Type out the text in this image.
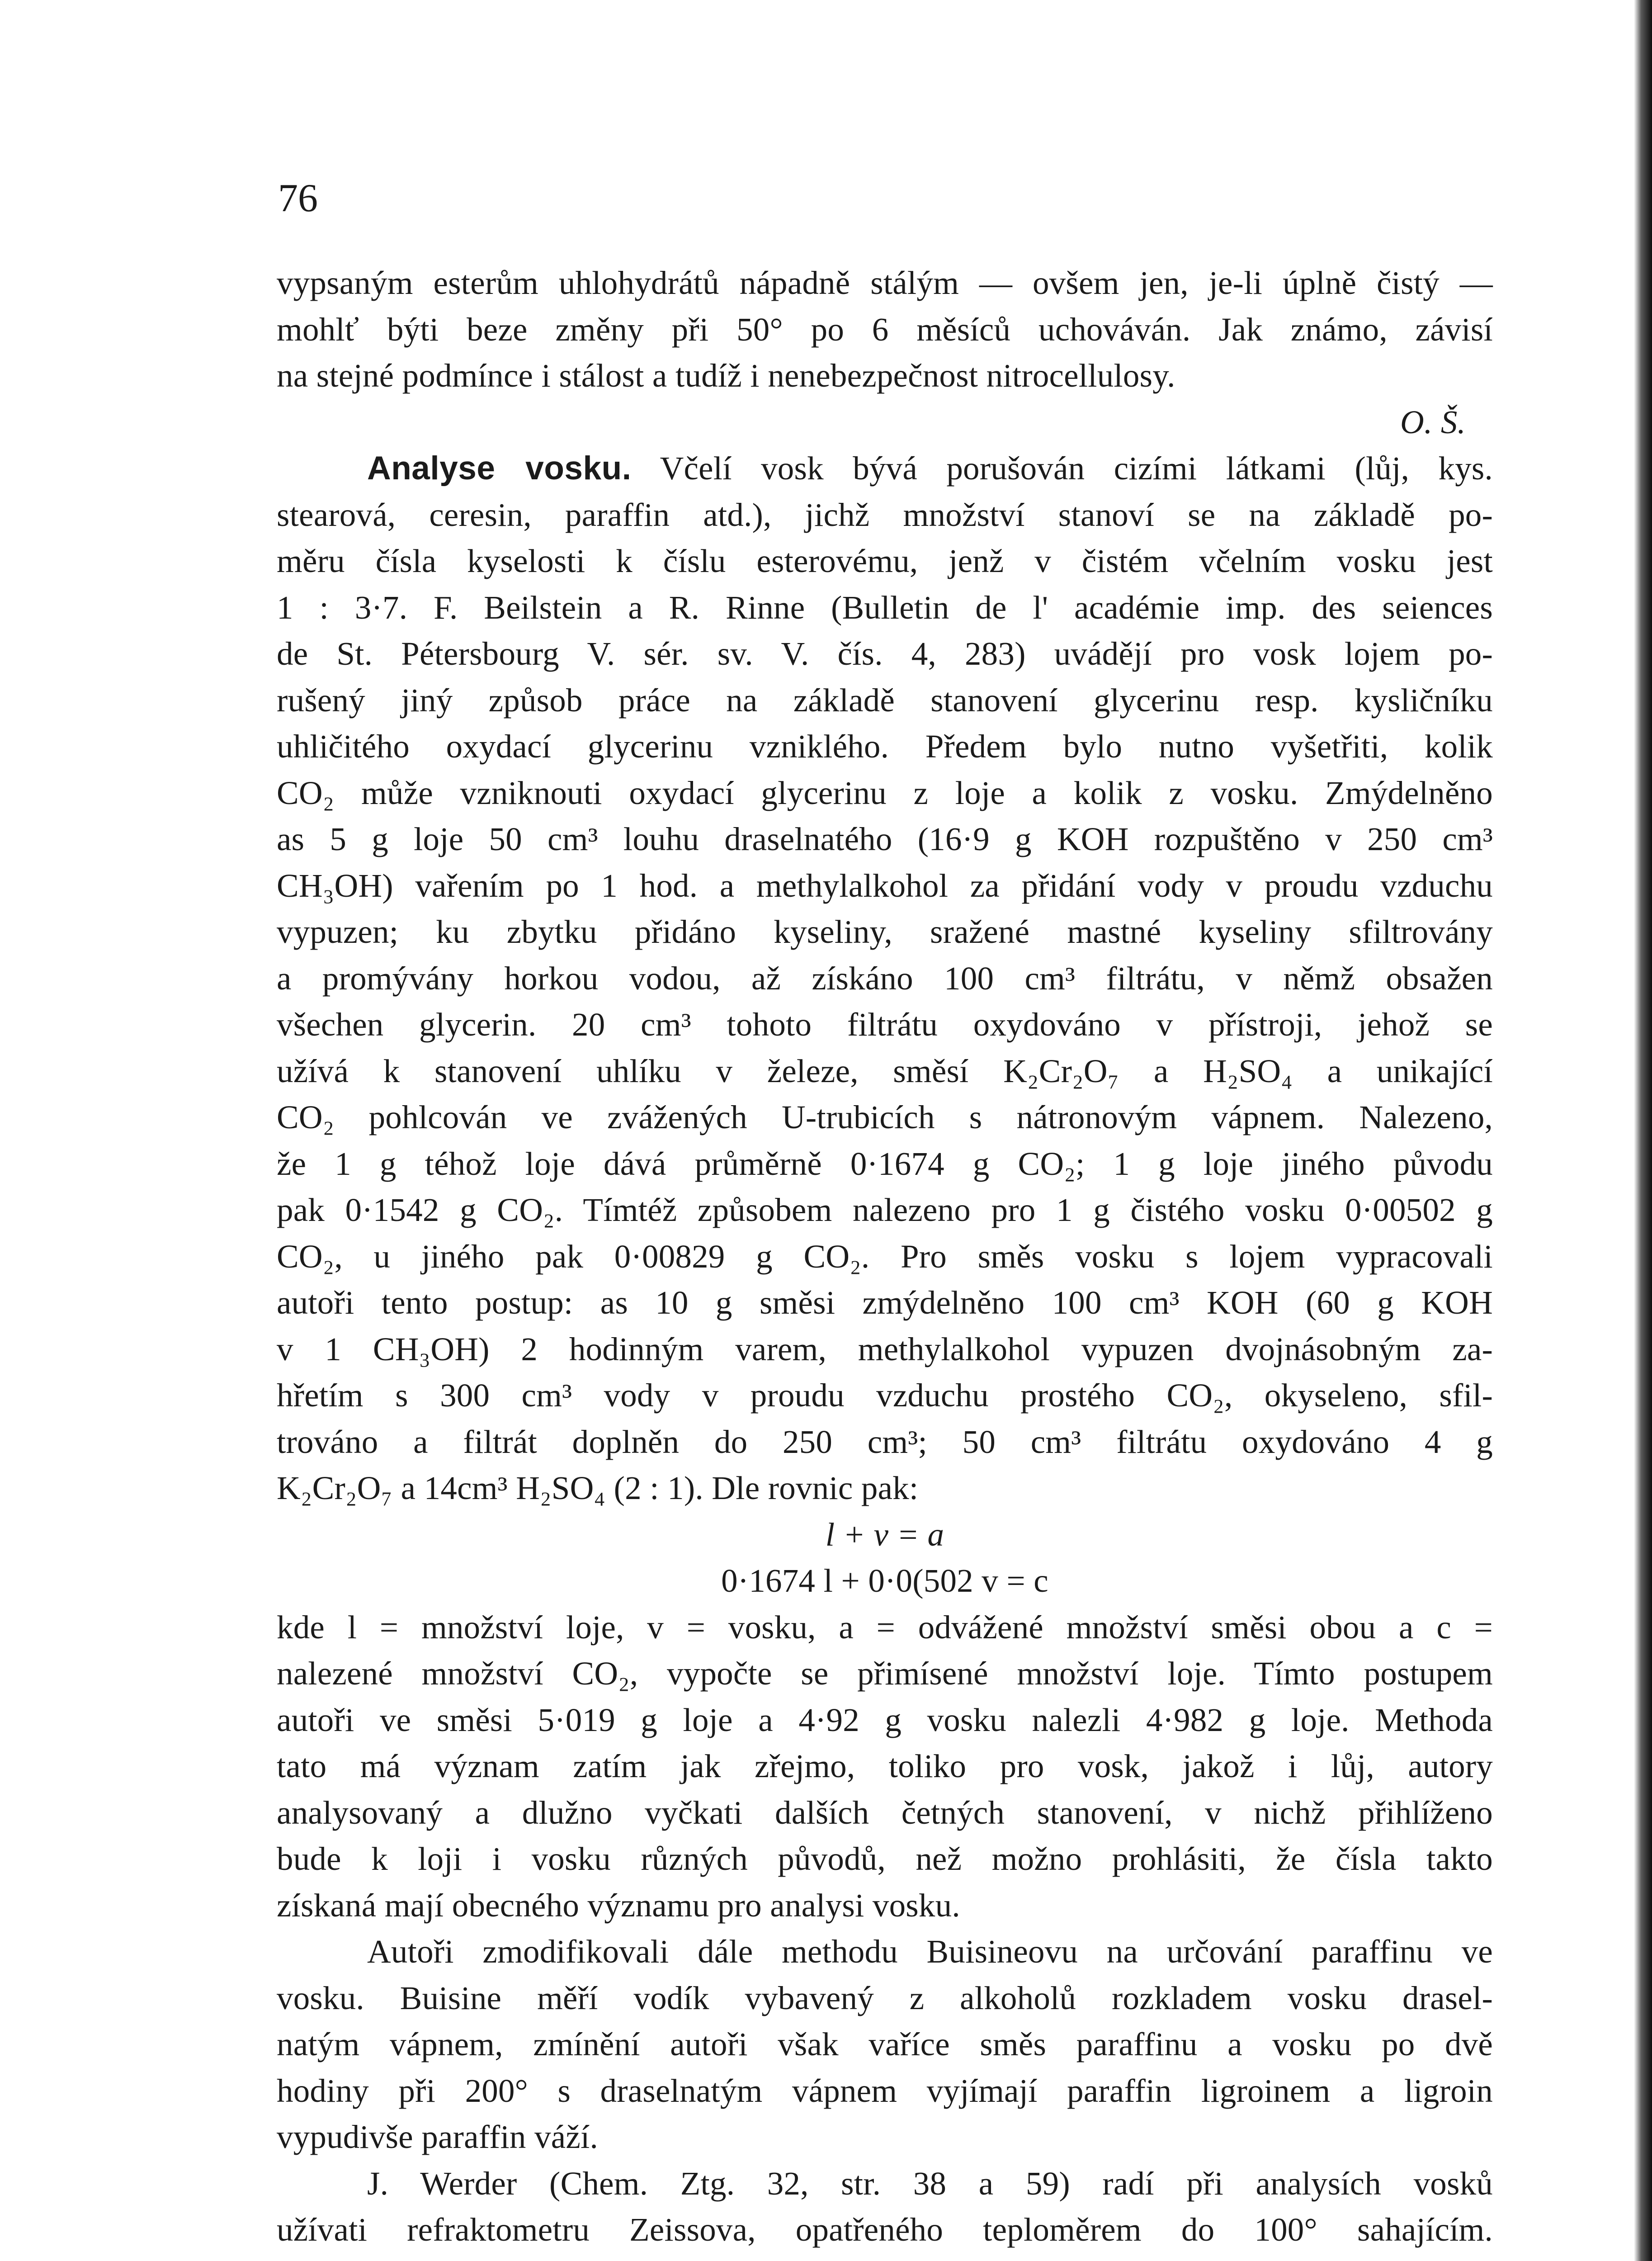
76
vypsaným esterům uhlohydrátů nápadně stálým — ovšem jen, je-li úplně čistý —
mohlť býti beze změny při 50° po 6 měsíců uchováván. Jak známo, závisí
na stejné podmínce i stálost a tudíž i nenebezpečnost nitrocellulosy.
O. Š.
Analyse vosku. Včelí vosk bývá porušován cizími látkami (lůj, kys.
stearová, ceresin, paraffin atd.), jichž množství stanoví se na základě po-
měru čísla kyselosti k číslu esterovému, jenž v čistém včelním vosku jest
1 : 3·7. F. Beilstein a R. Rinne (Bulletin de l' académie imp. des seiences
de St. Pétersbourg V. sér. sv. V. čís. 4, 283) uvádějí pro vosk lojem po-
rušený jiný způsob práce na základě stanovení glycerinu resp. kysličníku
uhličitého oxydací glycerinu vzniklého. Předem bylo nutno vyšetřiti, kolik
CO₂ může vzniknouti oxydací glycerinu z loje a kolik z vosku. Zmýdelněno
as 5 g loje 50 cm³ louhu draselnatého (16·9 g KOH rozpuštěno v 250 cm³
CH₃OH) vařením po 1 hod. a methylalkohol za přidání vody v proudu vzduchu
vypuzen; ku zbytku přidáno kyseliny, sražené mastné kyseliny sfiltrovány
a promývány horkou vodou, až získáno 100 cm³ filtrátu, v němž obsažen
všechen glycerin. 20 cm³ tohoto filtrátu oxydováno v přístroji, jehož se
užívá k stanovení uhlíku v železe, směsí K₂Cr₂O₇ a H₂SO₄ a unikající
CO₂ pohlcován ve zvážených U-trubicích s nátronovým vápnem. Nalezeno,
že 1 g téhož loje dává průměrně 0·1674 g CO₂; 1 g loje jiného původu
pak 0·1542 g CO₂. Tímtéž způsobem nalezeno pro 1 g čistého vosku 0·00502 g
CO₂, u jiného pak 0·00829 g CO₂. Pro směs vosku s lojem vypracovali
autoři tento postup: as 10 g směsi zmýdelněno 100 cm³ KOH (60 g KOH
v 1 CH₃OH) 2 hodinným varem, methylalkohol vypuzen dvojnásobným za-
hřetím s 300 cm³ vody v proudu vzduchu prostého CO₂, okyseleno, sfil-
trováno a filtrát doplněn do 250 cm³; 50 cm³ filtrátu oxydováno 4 g
K₂Cr₂O₇ a 14cm³ H₂SO₄ (2 : 1). Dle rovnic pak:
l + v = a
0·1674 l + 0·0(502 v = c
kde l = množství loje, v = vosku, a = odvážené množství směsi obou a c =
nalezené množství CO₂, vypočte se přimísené množství loje. Tímto postupem
autoři ve směsi 5·019 g loje a 4·92 g vosku nalezli 4·982 g loje. Methoda
tato má význam zatím jak zřejmo, toliko pro vosk, jakož i lůj, autory
analysovaný a dlužno vyčkati dalších četných stanovení, v nichž přihlíženo
bude k loji i vosku různých původů, než možno prohlásiti, že čísla takto
získaná mají obecného významu pro analysi vosku.
Autoři zmodifikovali dále methodu Buisineovu na určování paraffinu ve
vosku. Buisine měří vodík vybavený z alkoholů rozkladem vosku drasel-
natým vápnem, zmínění autoři však vaříce směs paraffinu a vosku po dvě
hodiny při 200° s draselnatým vápnem vyjímají paraffin ligroinem a ligroin
vypudivše paraffin váží.
J. Werder (Chem. Ztg. 32, str. 38 a 59) radí při analysích vosků
užívati refraktometru Zeissova, opatřeného teploměrem do 100° sahajícím.
